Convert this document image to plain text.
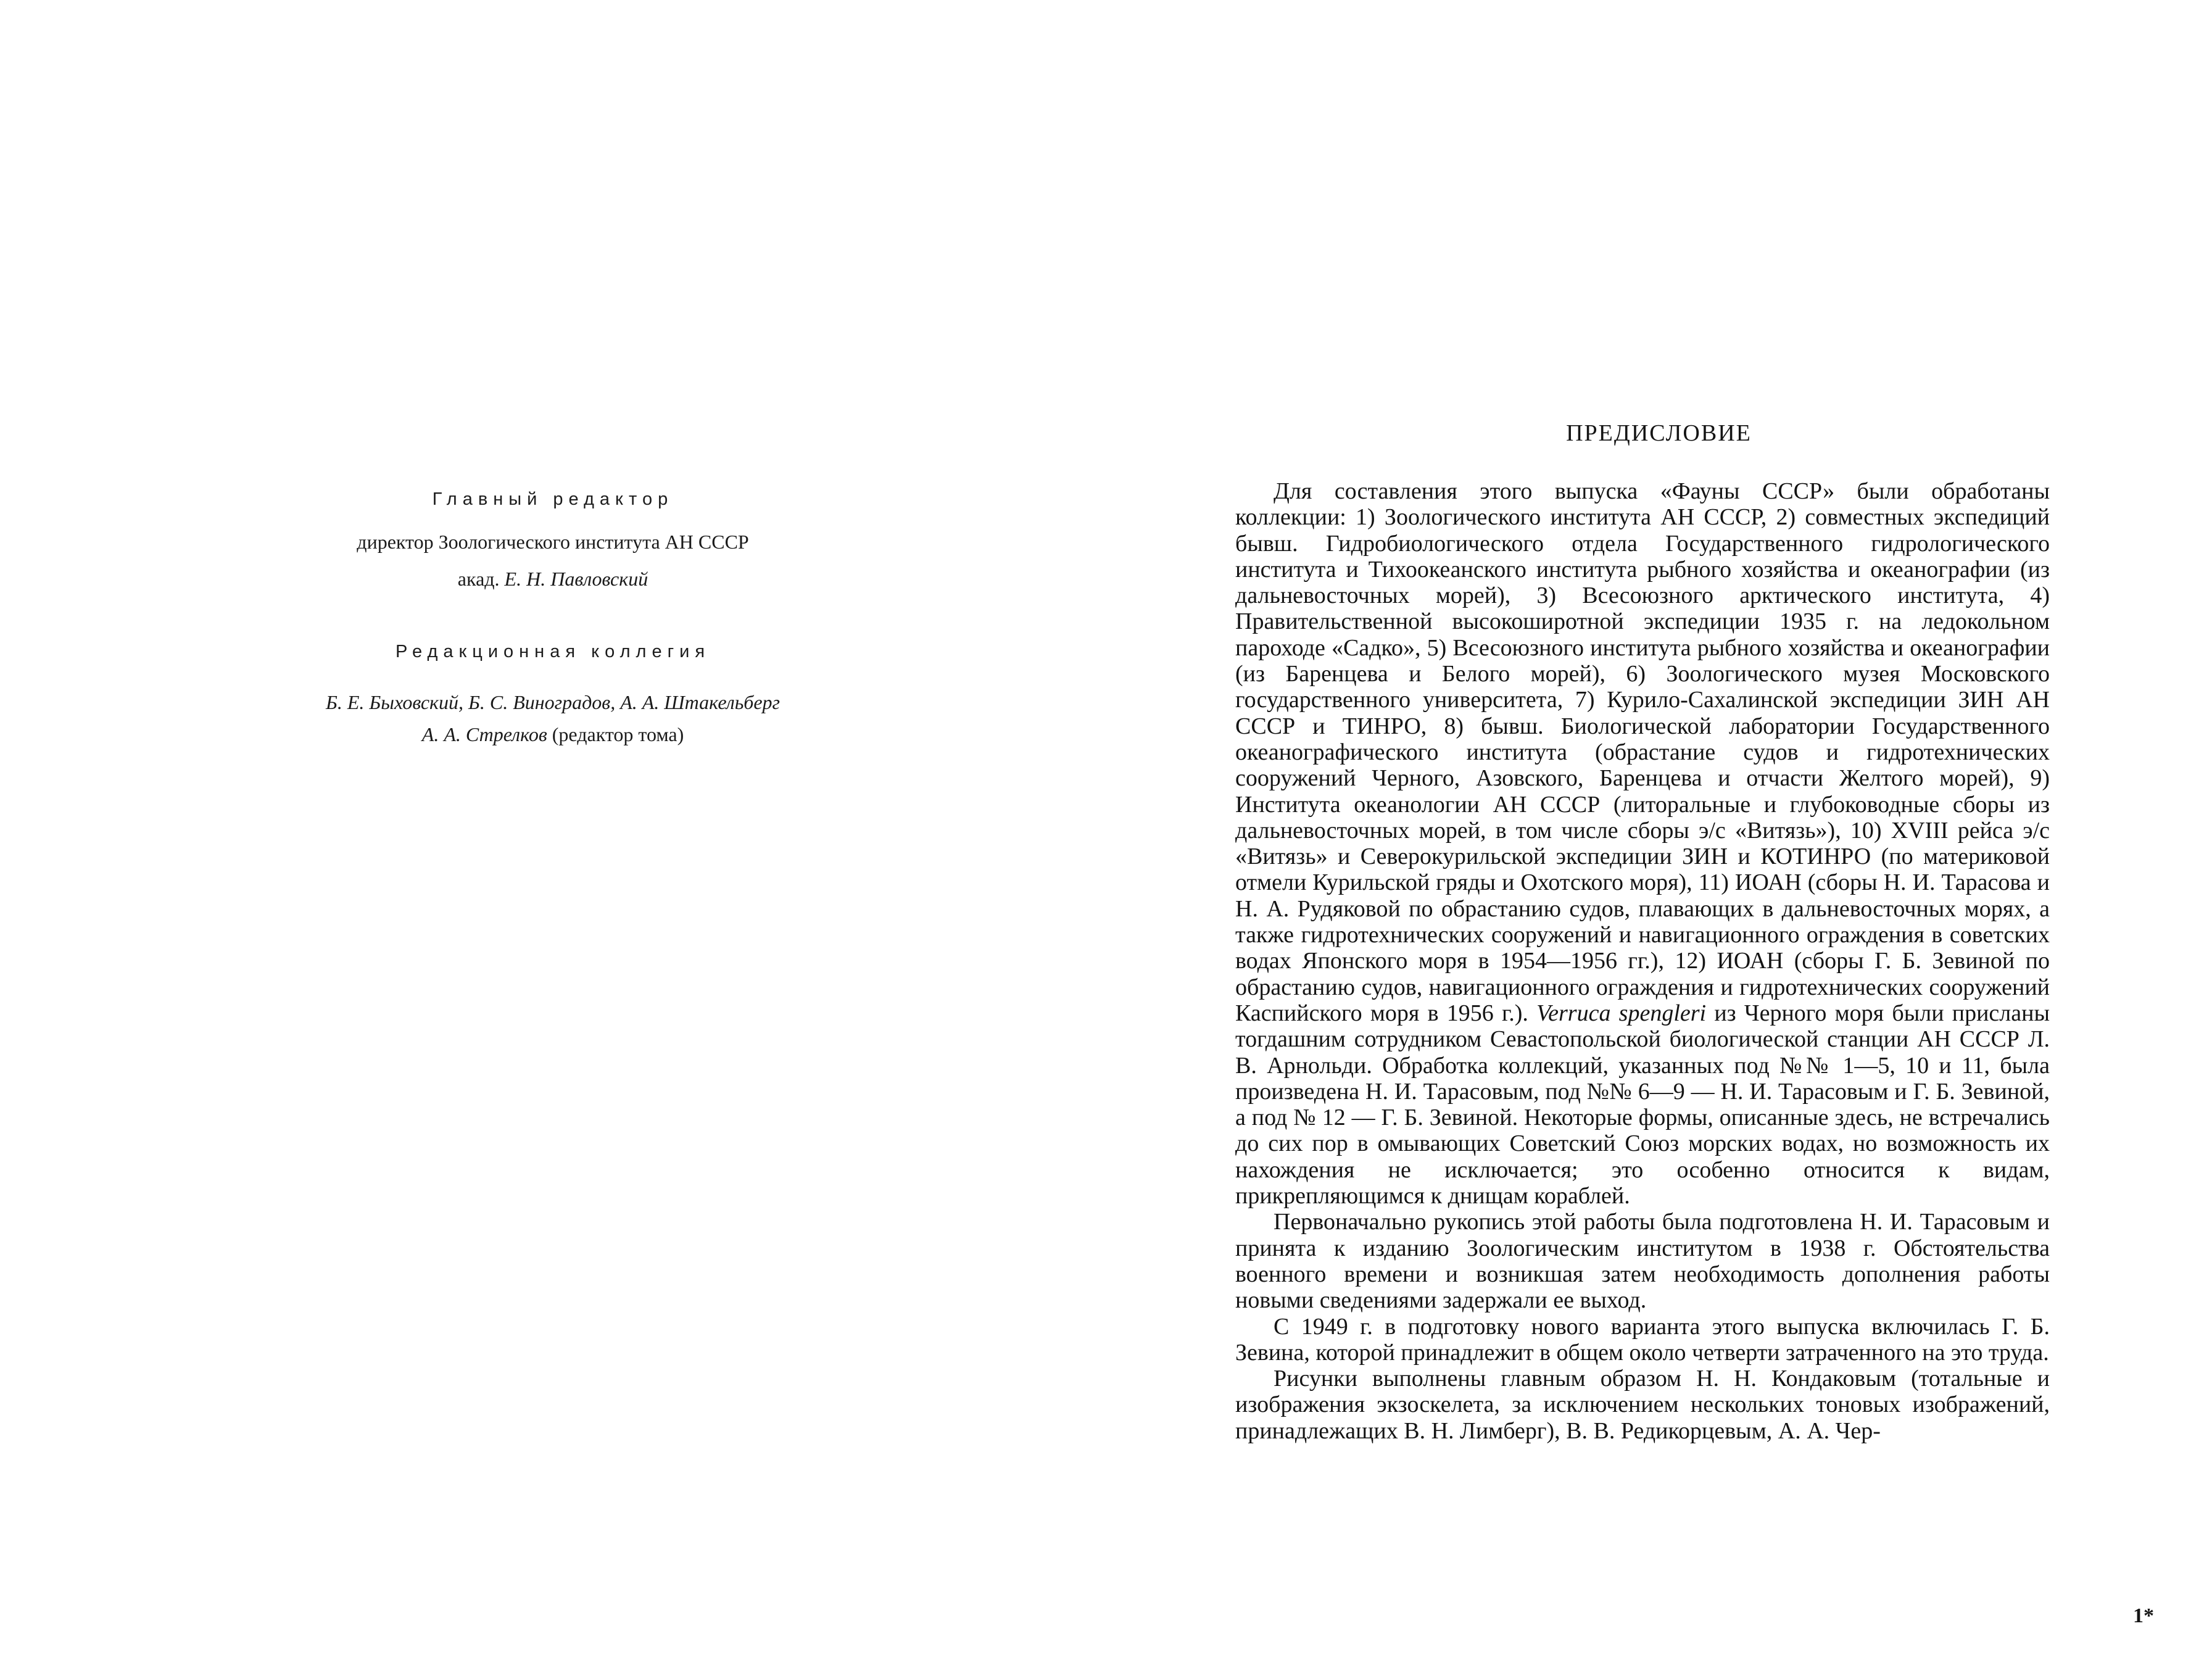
Главный редактор
директор Зоологического института АН СССР
акад. Е. Н. Павловский
Редакционная коллегия
Б. Е. Быховский, Б. С. Виноградов, А. А. Штакельберг
А. А. Стрелков (редактор тома)
ПРЕДИСЛОВИЕ

Для составления этого выпуска «Фауны СССР» были обработаны коллекции: 1) Зоологического института АН СССР, 2) совместных экспедиций бывш. Гидробиологического отдела Государственного гидрологического института и Тихоокеанского института рыбного хозяйства и океанографии (из дальневосточных морей), 3) Всесоюзного арктического института, 4) Правительственной высокоширотной экспедиции 1935 г. на ледокольном пароходе «Садко», 5) Всесоюзного института рыбного хозяйства и океанографии (из Баренцева и Белого морей), 6) Зоологического музея Московского государственного университета, 7) Курило-Сахалинской экспедиции ЗИН АН СССР и ТИНРО, 8) бывш. Биологической лаборатории Государственного океанографического института (обрастание судов и гидротехнических сооружений Черного, Азовского, Баренцева и отчасти Желтого морей), 9) Института океанологии АН СССР (литоральные и глубоководные сборы из дальневосточных морей, в том числе сборы э/с «Витязь»), 10) XVIII рейса э/с «Витязь» и Северокурильской экспедиции ЗИН и КОТИНРО (по материковой отмели Курильской гряды и Охотского моря), 11) ИОАН (сборы Н. И. Тарасова и Н. А. Рудяковой по обрастанию судов, плавающих в дальневосточных морях, а также гидротехнических сооружений и навигационного ограждения в советских водах Японского моря в 1954—1956 гг.), 12) ИОАН (сборы Г. Б. Зевиной по обрастанию судов, навигационного ограждения и гидротехнических сооружений Каспийского моря в 1956 г.). Verruca spengleri из Черного моря были присланы тогдашним сотрудником Севастопольской биологической станции АН СССР Л. В. Арнольди. Обработка коллекций, указанных под №№ 1—5, 10 и 11, была произведена Н. И. Тарасовым, под №№ 6—9 — Н. И. Тарасовым и Г. Б. Зевиной, а под № 12 — Г. Б. Зевиной. Некоторые формы, описанные здесь, не встречались до сих пор в омывающих Советский Союз морских водах, но возможность их нахождения не исключается; это особенно относится к видам, прикрепляющимся к днищам кораблей.

Первоначально рукопись этой работы была подготовлена Н. И. Тарасовым и принята к изданию Зоологическим институтом в 1938 г. Обстоятельства военного времени и возникшая затем необходимость дополнения работы новыми сведениями задержали ее выход.

С 1949 г. в подготовку нового варианта этого выпуска включилась Г. Б. Зевина, которой принадлежит в общем около четверти затраченного на это труда.

Рисунки выполнены главным образом Н. Н. Кондаковым (тотальные и изображения экзоскелета, за исключением нескольких тоновых изображений, принадлежащих В. Н. Лимберг), В. В. Редикорцевым, А. А. Чер-

1*
